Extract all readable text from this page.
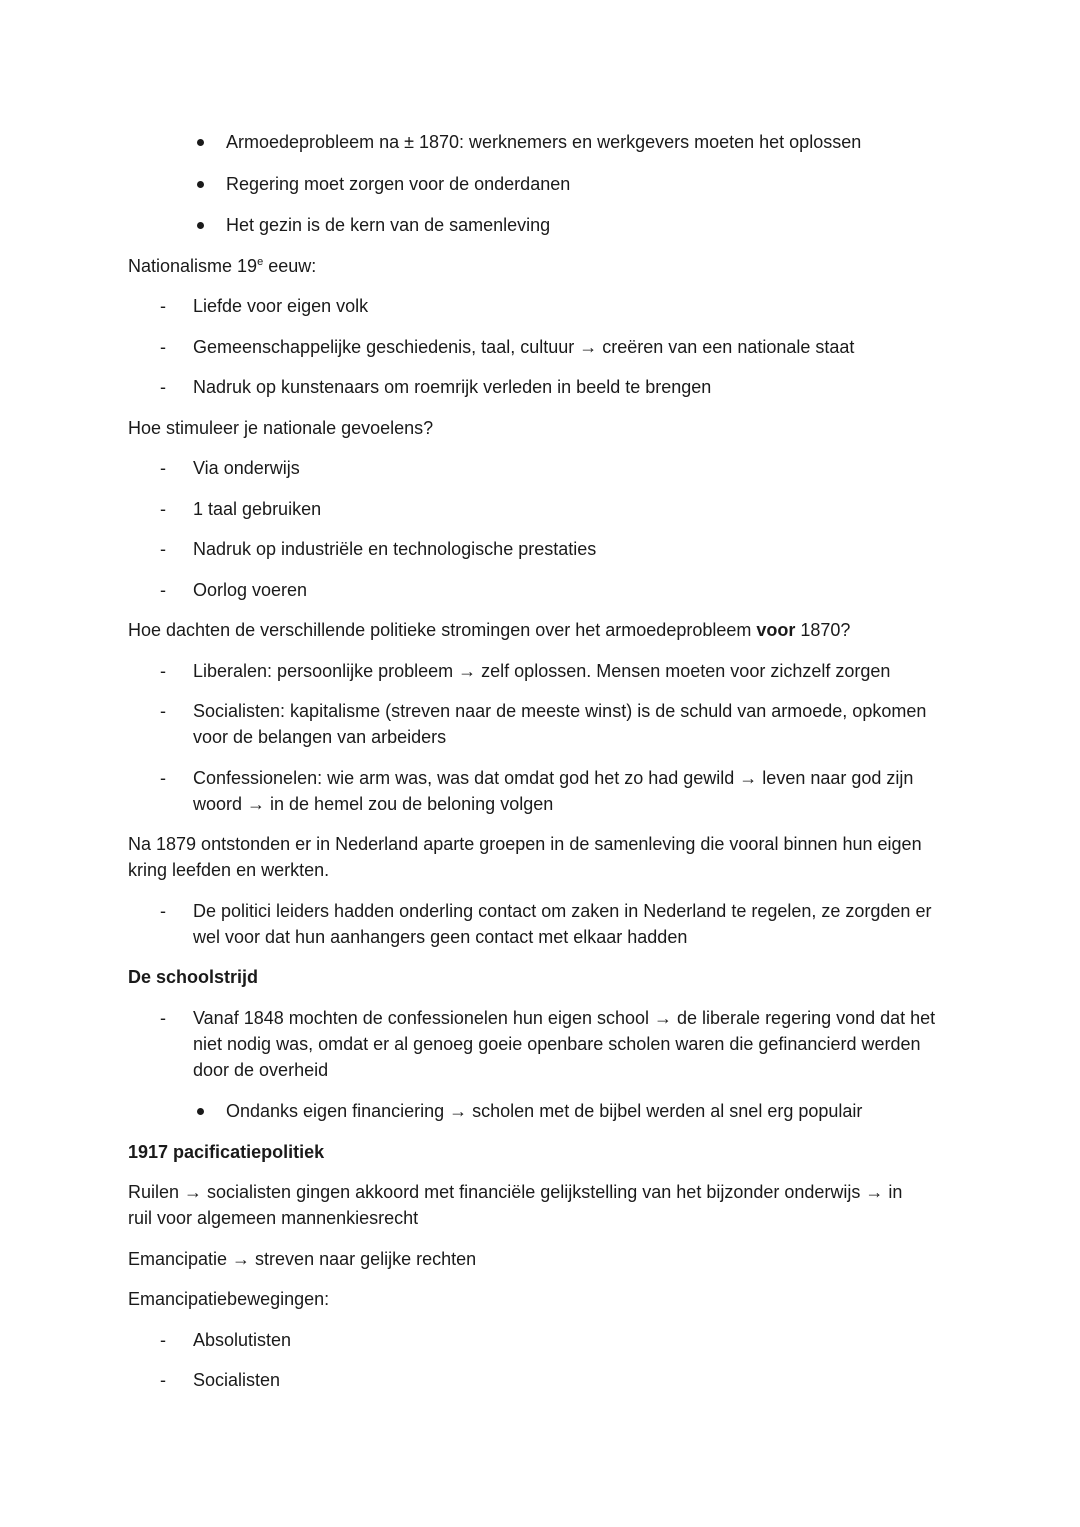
Armoedeprobleem na ± 1870: werknemers en werkgevers moeten het oplossen
Regering moet zorgen voor de onderdanen
Het gezin is de kern van de samenleving
Nationalisme 19e eeuw:
- Liefde voor eigen volk
- Gemeenschappelijke geschiedenis, taal, cultuur → creëren van een nationale staat
- Nadruk op kunstenaars om roemrijk verleden in beeld te brengen
Hoe stimuleer je nationale gevoelens?
- Via onderwijs
- 1 taal gebruiken
- Nadruk op industriële en technologische prestaties
- Oorlog voeren
Hoe dachten de verschillende politieke stromingen over het armoedeprobleem voor 1870?
- Liberalen: persoonlijke probleem → zelf oplossen. Mensen moeten voor zichzelf zorgen
- Socialisten: kapitalisme (streven naar de meeste winst) is de schuld van armoede, opkomen
voor de belangen van arbeiders
- Confessionelen: wie arm was, was dat omdat god het zo had gewild → leven naar god zijn
woord → in de hemel zou de beloning volgen
Na 1879 ontstonden er in Nederland aparte groepen in de samenleving die vooral binnen hun eigen
kring leefden en werkten.
- De politici leiders hadden onderling contact om zaken in Nederland te regelen, ze zorgden er
wel voor dat hun aanhangers geen contact met elkaar hadden
De schoolstrijd
- Vanaf 1848 mochten de confessionelen hun eigen school → de liberale regering vond dat het
niet nodig was, omdat er al genoeg goeie openbare scholen waren die gefinancierd werden
door de overheid
Ondanks eigen financiering → scholen met de bijbel werden al snel erg populair
1917 pacificatiepolitiek
Ruilen → socialisten gingen akkoord met financiële gelijkstelling van het bijzonder onderwijs → in
ruil voor algemeen mannenkiesrecht
Emancipatie → streven naar gelijke rechten
Emancipatiebewegingen:
- Absolutisten
- Socialisten
